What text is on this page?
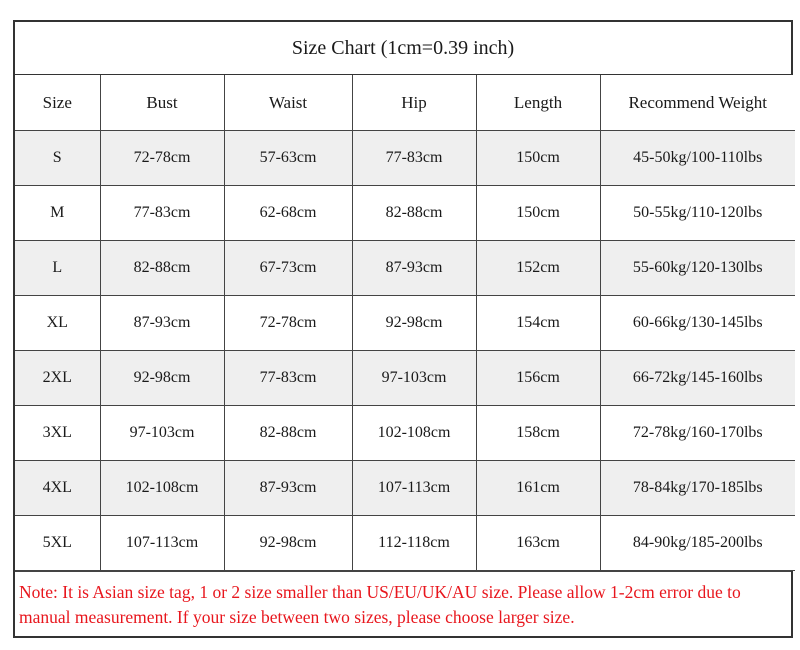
Size Chart (1cm=0.39 inch)
Size	Bust	Waist	Hip	Length	Recommend Weight
S	72-78cm	57-63cm	77-83cm	150cm	45-50kg/100-110lbs
M	77-83cm	62-68cm	82-88cm	150cm	50-55kg/110-120lbs
L	82-88cm	67-73cm	87-93cm	152cm	55-60kg/120-130lbs
XL	87-93cm	72-78cm	92-98cm	154cm	60-66kg/130-145lbs
2XL	92-98cm	77-83cm	97-103cm	156cm	66-72kg/145-160lbs
3XL	97-103cm	82-88cm	102-108cm	158cm	72-78kg/160-170lbs
4XL	102-108cm	87-93cm	107-113cm	161cm	78-84kg/170-185lbs
5XL	107-113cm	92-98cm	112-118cm	163cm	84-90kg/185-200lbs
Note: It is Asian size tag, 1 or 2 size smaller than US/EU/UK/AU size. Please allow 1-2cm error due to manual measurement. If your size between two sizes, please choose larger size.
